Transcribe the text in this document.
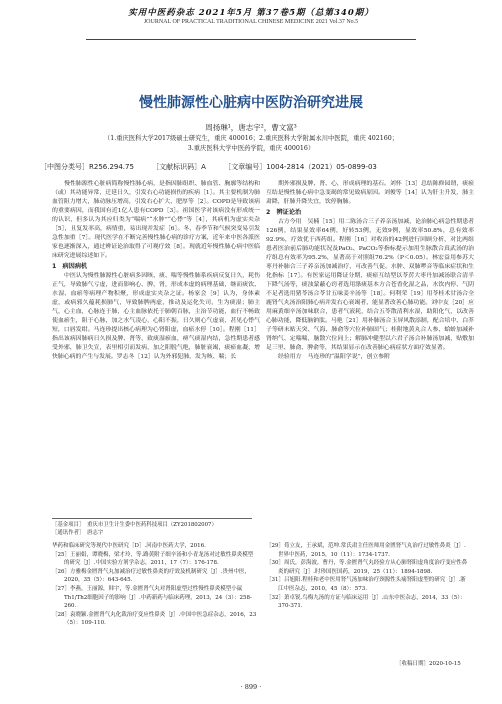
实用中医药杂志 2021年5月 第37卷5期（总第340期）
JOURNAL OF PRACTICAL TRADITIONAL CHINESE MEDICINE 2021 Vol.37 No.5
慢性肺源性心脏病中医防治研究进展
周扬琳¹，唐志宇²，曹文富³
（1.重庆医科大学2017级硕士研究生，重庆 400016；2.重庆医科大学附属永川中医院，重庆 402160；
3.重庆医科大学中医药学院，重庆 400016）
［中图分类号］R256.294.75	［文献标识码］A	［文章编号］1004-2814（2021）05-0899-03

慢性肺源性心脏病简称慢性肺心病，是指因肺组织、肺血管、胸廓等结构和（或）其功能异常，迁延日久，引发右心功能损伤的疾病［1］。其主要机制为肺血管阻力增大，肺动脉压增高，引发右心扩大、肥厚等［2］。COPD是导致该病的重要病因，而我国有近1亿人患有COPD［3］。祖国医学对该病没有形成统一的认识，但多认为其应归类为“喘病”“水肿”“心悸”等［4］，其病机为虚实夹杂［5］，且复发率高，病情重，易出现并发症［6］。冬、春季节和气候突变易引发急性加重［7］。现代医学在不断完善慢性肺心病的诊疗方案，近年来中医各派医家也逐渐深入，通过辨证论治取得了可观疗效［8］。现就近年慢性肺心病中医临床研究进展综述如下。

1　病因病机

中医认为慢性肺源性心脏病多因咳、痰、喘等慢性肺系疾病反复日久，耗伤正气，导致肺气亏虚，进而影响心、脾、肾，形成本虚的病理基础，继而痰饮、水湿、血瘀等病理产物积聚，形成虚实夹杂之证。杨家会［9］认为，身体素虚，或病邪久蕴耗损肺气，导致肺脾两虚，推动及运化失司，生为痰湿；肺主气，心主血，心脉连于肺，心主血脉依托于肺朝百脉，主治节功能，血行不畅致使血瘀生，阻于心脉，加之水气凌心，心阳不振，日久则心气虚衰，甚见心悸气短，口唇发绀。马连珍提出核心病理为心肾阳虚，血瘀水停［10］。程刚［11］指出该病因肺病日久损及脾、肾等，致痰湿瘀血，痹气痰湿内结，急性期患者感受外邪，肺卫失宣，表里相引而发病，加之阳脱气绝，肺脏衰竭，痰瘀血凝，增快肺心病的产生与发展。罗志冬［12］认为外邪犯肺，发为咳、喘；长

期外邪损及脾、肾、心，形成病理的基石。刘怀［13］总结陈修园谓，痰瘀互结是慢性肺心病中急变竭的常见致病原因。刘俊等［14］认为肝主升发，肺主肃降，肝肺升降失宜，饮停胸肺。

2　辨证论治

古方今用　吴楠［15］用二陈汤合三子养亲汤加减，论治肺心病急性期患者126例，结果显效率64例，好转53例，无效9例，显效率50.8%，总有效率92.9%，疗效优于西药组。程刚［16］对收治的42例进行回顾分析，对比两组患者医治前后肺功能状况及PaO₂、PaCO₂等指标提示加用生脉散合真武汤的治疗组总有效率为95.2%，显著高于对照组76.2%（P＜0.05）。林宏益用参苏大枣丹补肺合三子养亲汤加减治疗，可改善气促、水肿、双肺啰音等临床症状和生化指标［17］。有医家运用降证分期，痰瘀互结型以苓苈大枣丹加减汤联合清半下降气汤等，痰浊蒙蔽心窍者选用涤痰基本方合苍香化湿之品，水饮内停、气阴不足者选用猪苓汤合苓甘五味姜辛汤等［18］。何利荣［19］用苓桂术甘汤合全鹿肾气丸汤治阳肺心病并发右心衰竭者，能显著改善心肺功能。刘中友［20］应用麻黄细辛汤加味联合，患者气液耗，结合五苓散清利水湿，助阳化气，以改善心肺功能，降低脑钠肽。马艳［21］用补肺汤合玉屏风散添制，配合培中、白芥子等研末贴天突、气海、肺俞等穴位补肺固气；桂附地黄丸合人参、蛤蚧加减补肾纳气、定喘喘，脑散穴位同上；解肺冲健型以六君子汤合补肺汤加减，贴敷加足三里、肺俞、脾俞等，其结果显示在改善肺心病症状方面疗效显著。

经验用方　马连珍的“温阳学说”，创立参附

［基金项目］　重庆市卫生计生委中医药科技项目（ZY201802007）
［通讯作者］　唐志宇
华药和临床研究等现代中医研究［D］.河南中医药大学，2016.
［25］王丽娟，谭晓梅，梁才玲，等.路黄附子细辛汤和小青龙汤对过敏性鼻炎模型的研究［J］.中国实验方剂学杂志，2011，17（7）：176-178.
［26］方雅梅金匮肾气丸加减治疗过敏性鼻炎的疗效及机制研究［J］.贵州中医，2020，35（5）：643-645.
［27］李燕，王丽源，韩宇，等.金匮肾气丸对肾阳虚型过性慢性鼻炎模型小鼠Th1/Th2细胞因子的影响［J］.中药新药与临床药理，2013，24（3）：258-260.
［28］袁晓颖.金匮肾气丸化裁治疗变应性鼻炎［J］.中国中医急症杂志，2016，23（5）：109-110.
［29］荀立友，王承斌，范坤.常氏肃主任医师用金匮肾气丸治疗过敏性鼻炎［J］.世界中医药，2015，10（11）：1734-1737.
［30］周氏，彭海波，曹丹，等.金匮肾气丸经验方从心肺肾阳虚角度治疗变应性鼻炎的研究［J］.时珍国医国药，2019，25（11）：1894-1898.
［31］吕旭阳.程桂和老中医用肾气汤加味治疗颈源性头痛肾阳虚型的研究［J］.浙江中医杂志，2010，45（8）：573.
［32］萧卓锐.鸟梅九汤的方证与临床运用［J］.山东中医杂志，2014，33（5）：370-371.
［收稿日期］2020-10-15
· 899 ·
